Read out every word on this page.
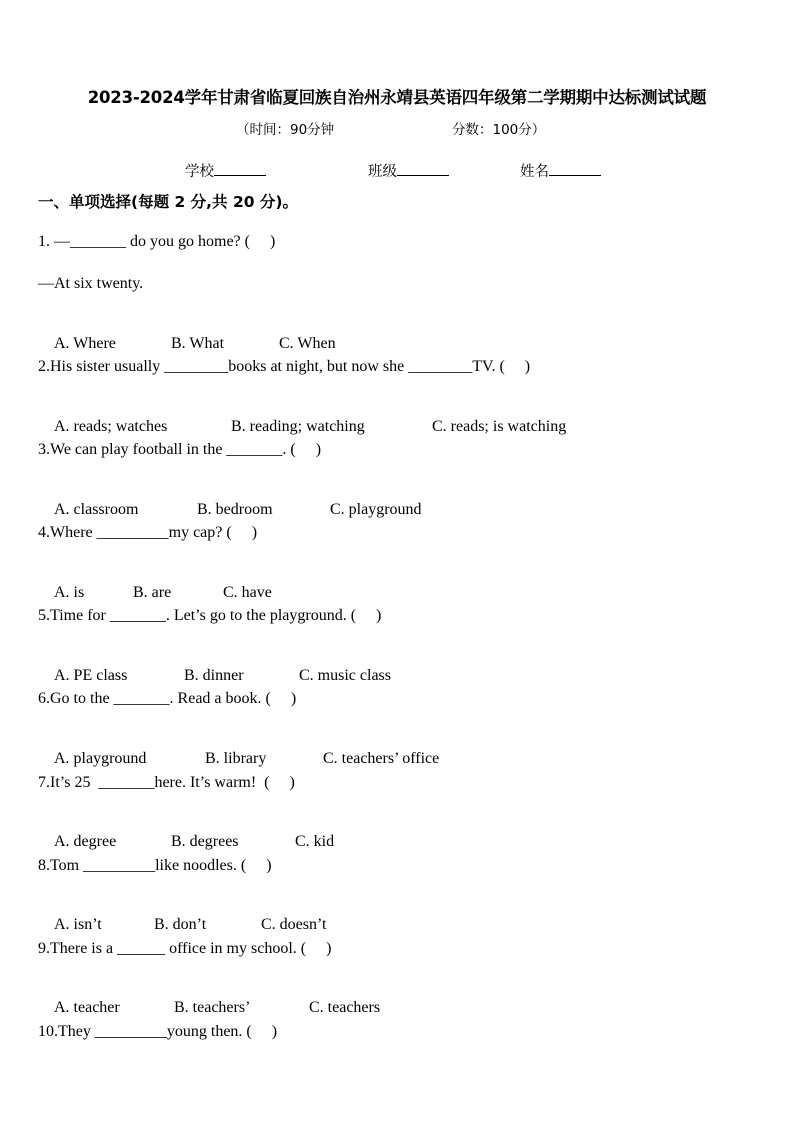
2023-2024学年甘肃省临夏回族自治州永靖县英语四年级第二学期期中达标测试试题
（时间：90分钟	分数：100分）
学校	班级	姓名
一、单项选择(每题 2 分,共 20 分)。
1. —_______ do you go home? (     )
—At six twenty.

A. Where	B. What	C. When

2.His sister usually ________books at night, but now she ________TV. (     )

A. reads; watches	B. reading; watching	C. reads; is watching

3.We can play football in the _______. (     )

A. classroom	B. bedroom	C. playground

4.Where _________my cap? (     )

A. is	B. are	C. have

5.Time for _______. Let’s go to the playground. (     )

A. PE class	B. dinner	C. music class

6.Go to the _______. Read a book. (     )

A. playground	B. library	C. teachers’ office

7.It’s 25  _______here. It’s warm!  (     )

A. degree	B. degrees	C. kid

8.Tom _________like noodles. (     )

A. isn’t	B. don’t	C. doesn’t

9.There is a ______ office in my school. (     )

A. teacher	B. teachers’	C. teachers

10.They _________young then. (     )
